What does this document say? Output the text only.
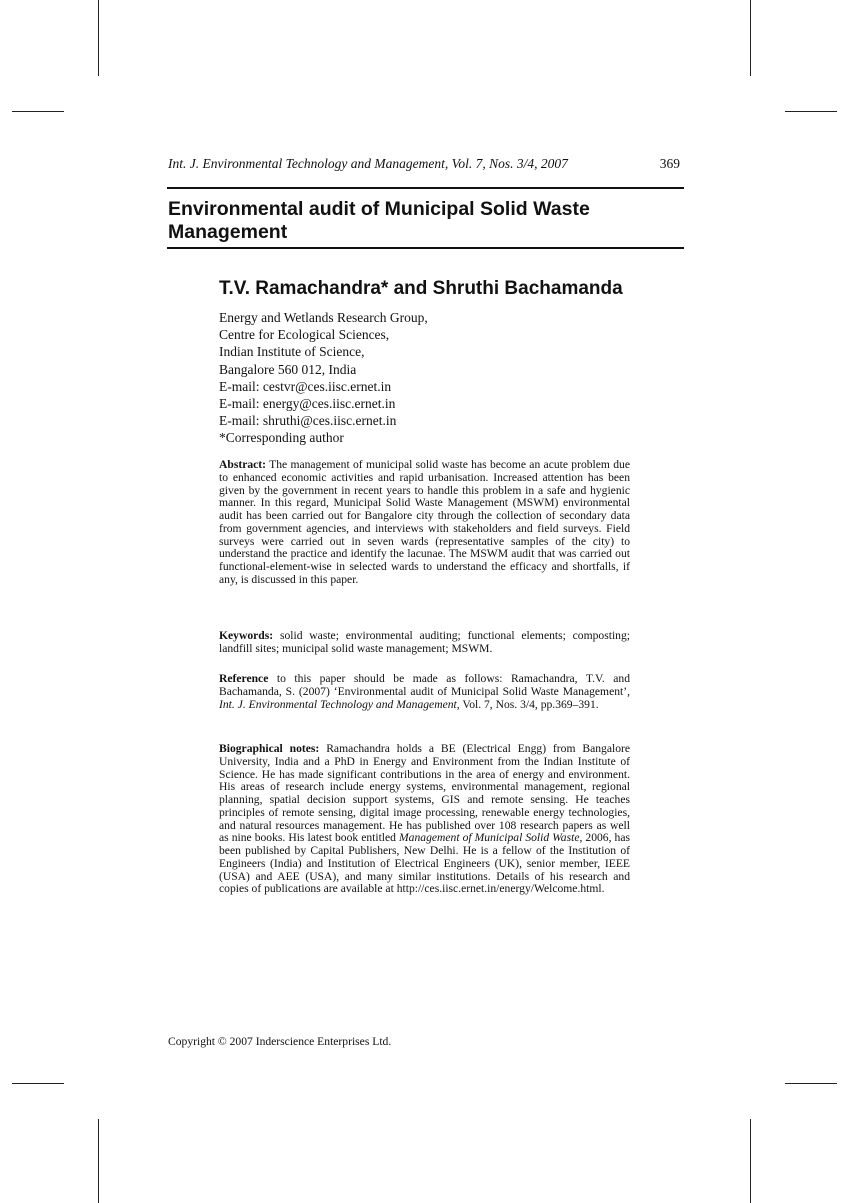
Int. J. Environmental Technology and Management, Vol. 7, Nos. 3/4, 2007	369
Environmental audit of Municipal Solid Waste Management
T.V. Ramachandra* and Shruthi Bachamanda
Energy and Wetlands Research Group,
Centre for Ecological Sciences,
Indian Institute of Science,
Bangalore 560 012, India
E-mail: cestvr@ces.iisc.ernet.in
E-mail: energy@ces.iisc.ernet.in
E-mail: shruthi@ces.iisc.ernet.in
*Corresponding author

Abstract: The management of municipal solid waste has become an acute problem due to enhanced economic activities and rapid urbanisation. Increased attention has been given by the government in recent years to handle this problem in a safe and hygienic manner. In this regard, Municipal Solid Waste Management (MSWM) environmental audit has been carried out for Bangalore city through the collection of secondary data from government agencies, and interviews with stakeholders and field surveys. Field surveys were carried out in seven wards (representative samples of the city) to understand the practice and identify the lacunae. The MSWM audit that was carried out functional-element-wise in selected wards to understand the efficacy and shortfalls, if any, is discussed in this paper.

Keywords: solid waste; environmental auditing; functional elements; composting; landfill sites; municipal solid waste management; MSWM.

Reference to this paper should be made as follows: Ramachandra, T.V. and Bachamanda, S. (2007) ‘Environmental audit of Municipal Solid Waste Management’, Int. J. Environmental Technology and Management, Vol. 7, Nos. 3/4, pp.369–391.

Biographical notes: Ramachandra holds a BE (Electrical Engg) from Bangalore University, India and a PhD in Energy and Environment from the Indian Institute of Science. He has made significant contributions in the area of energy and environment. His areas of research include energy systems, environmental management, regional planning, spatial decision support systems, GIS and remote sensing. He teaches principles of remote sensing, digital image processing, renewable energy technologies, and natural resources management. He has published over 108 research papers as well as nine books. His latest book entitled Management of Municipal Solid Waste, 2006, has been published by Capital Publishers, New Delhi. He is a fellow of the Institution of Engineers (India) and Institution of Electrical Engineers (UK), senior member, IEEE (USA) and AEE (USA), and many similar institutions. Details of his research and copies of publications are available at http://ces.iisc.ernet.in/energy/Welcome.html.

Copyright © 2007 Inderscience Enterprises Ltd.
